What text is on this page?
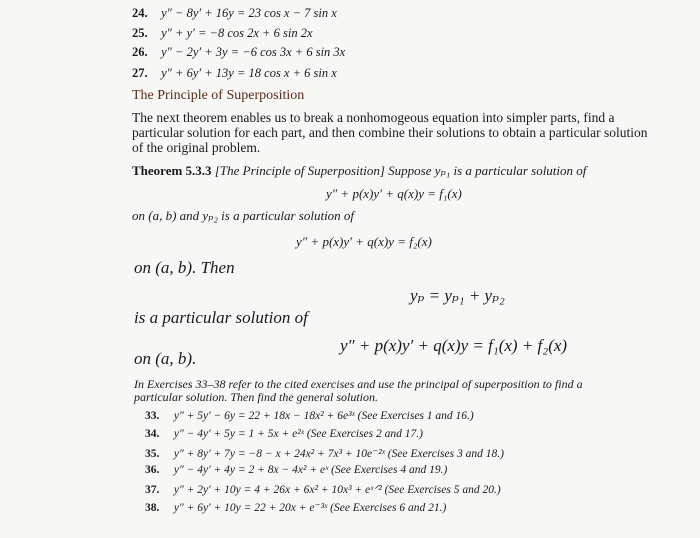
24. y″ − 8y′ + 16y = 23 cos x − 7 sin x
25. y″ + y′ = −8 cos 2x + 6 sin 2x
26. y″ − 2y′ + 3y = −6 cos 3x + 6 sin 3x
27. y″ + 6y′ + 13y = 18 cos x + 6 sin x
The Principle of Superposition
The next theorem enables us to break a nonhomogeous equation into simpler parts, find a particular solution for each part, and then combine their solutions to obtain a particular solution of the original problem.
Theorem 5.3.3 [The Principle of Superposition] Suppose yₚ₁ is a particular solution of
y″ + p(x)y′ + q(x)y = f₁(x)
on (a, b) and yₚ₂ is a particular solution of
y″ + p(x)y′ + q(x)y = f₂(x)
on (a, b). Then
yₚ = yₚ₁ + yₚ₂
is a particular solution of
y″ + p(x)y′ + q(x)y = f₁(x) + f₂(x)
on (a, b).
In Exercises 33–38 refer to the cited exercises and use the principal of superposition to find a particular solution. Then find the general solution.
33. y″ + 5y′ − 6y = 22 + 18x − 18x² + 6e³ˣ (See Exercises 1 and 16.)
34. y″ − 4y′ + 5y = 1 + 5x + e²ˣ (See Exercises 2 and 17.)
35. y″ + 8y′ + 7y = −8 − x + 24x² + 7x³ + 10e⁻²ˣ (See Exercises 3 and 18.)
36. y″ − 4y′ + 4y = 2 + 8x − 4x² + eˣ (See Exercises 4 and 19.)
37. y″ + 2y′ + 10y = 4 + 26x + 6x² + 10x³ + eˣᐟ² (See Exercises 5 and 20.)
38. y″ + 6y′ + 10y = 22 + 20x + e⁻³ˣ (See Exercises 6 and 21.)
